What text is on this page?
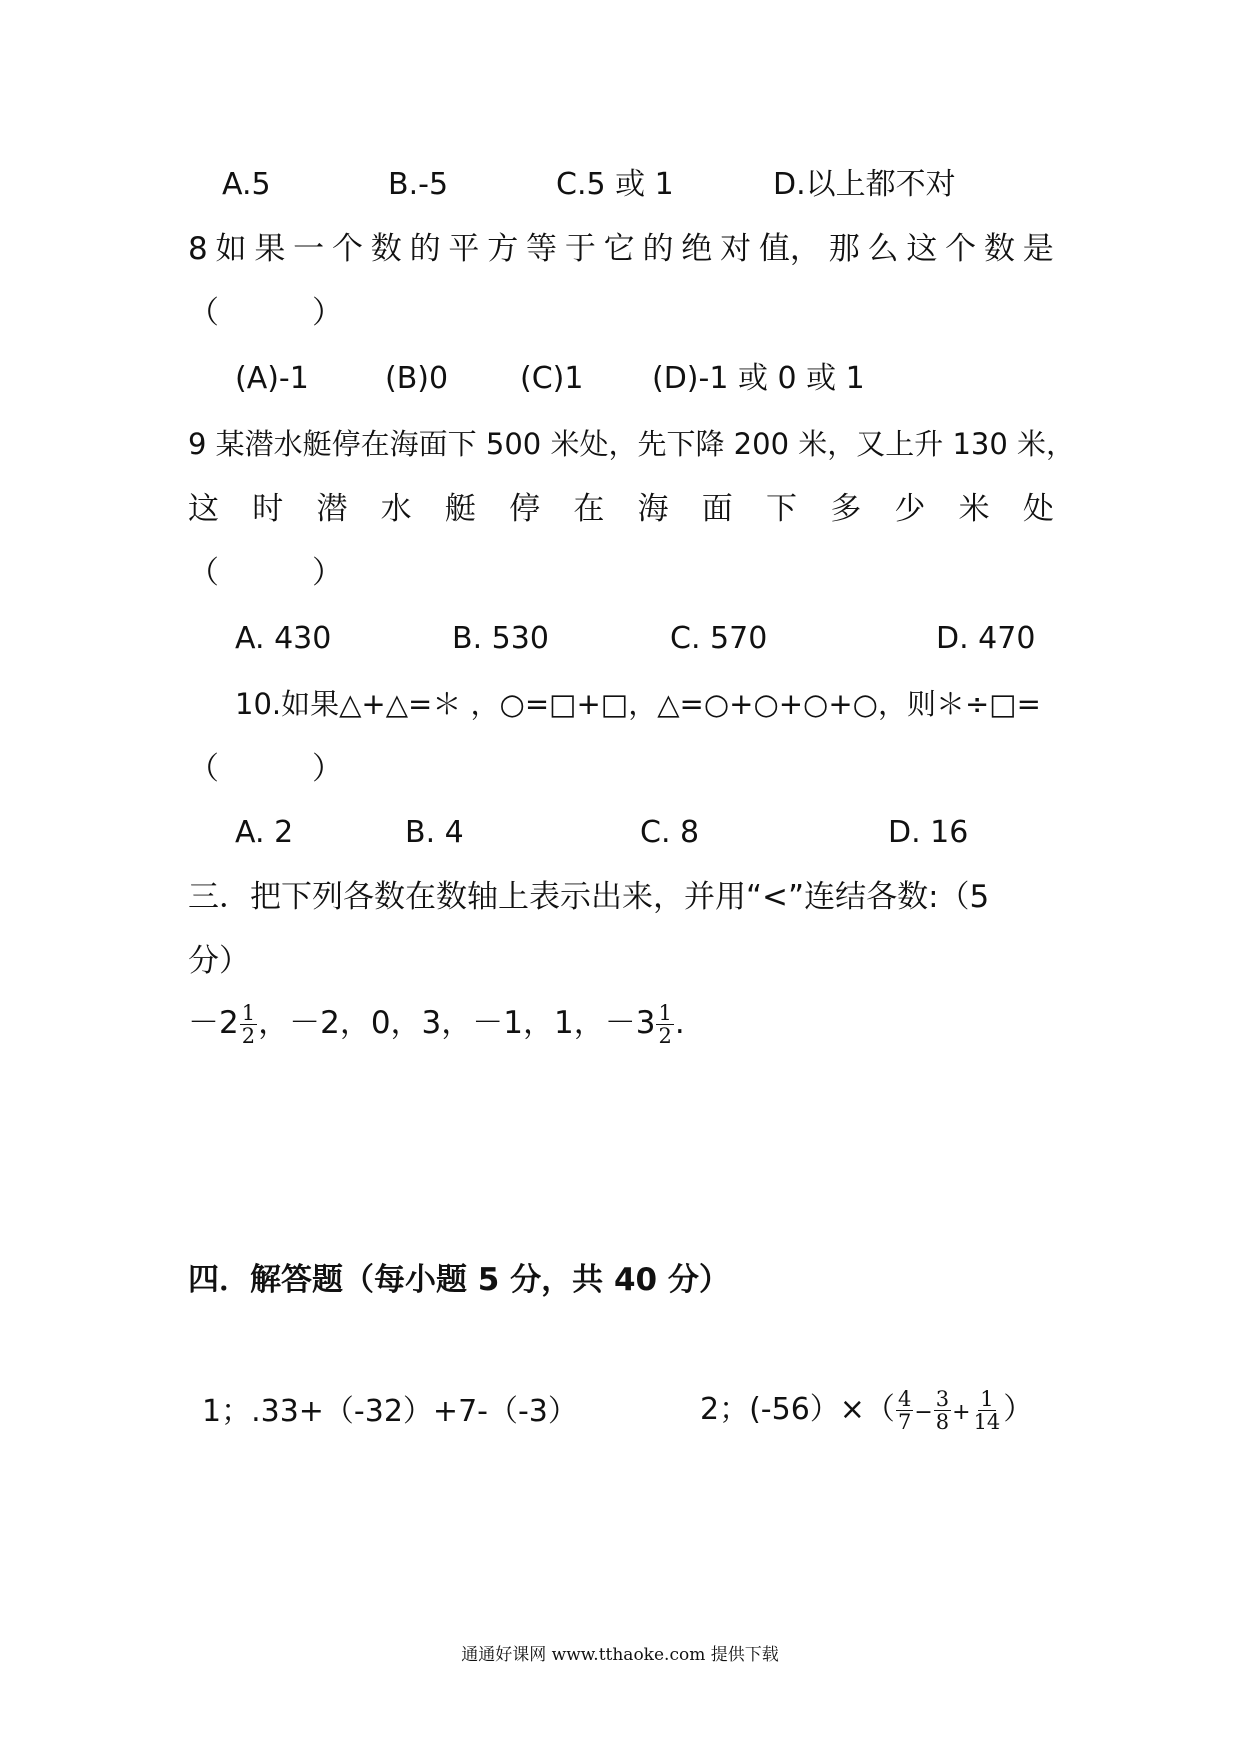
A.5	B.-5	C.5 或 1	D.以上都不对
8 如 果 一 个 数 的 平 方 等 于 它 的 绝 对 值， 那 么 这 个 数 是
（　　　）
(A)-1	(B)0 (C)1 (D)-1 或 0 或 1
9 某潜水艇停在海面下 500 米处，先下降 200 米，又上升 130 米，
这 时 潜 水 艇 停 在 海 面 下 多 少 米 处
（　　　）
A. 430	B. 530	C. 570	D. 470
10.如果△+△=＊ ，○=□+□，△=○+○+○+○，则＊÷□=
（　　　）
A. 2	B. 4	C. 8	D. 16
三．把下列各数在数轴上表示出来，并用“<”连结各数:（5
分）
$-2 \frac{1}{2}$ ，－2，0，3，－1，1，$-3 \frac{1}{2}$ .
四．解答题（每小题 5 分，共 40 分）
1；.33+（-32）+7-（-3）	2；$(-56)\times( \frac{4}{7} - \frac{3}{8} + \frac{1}{14}$ ）
通通好课网 www.tthaoke.com 提供下载
